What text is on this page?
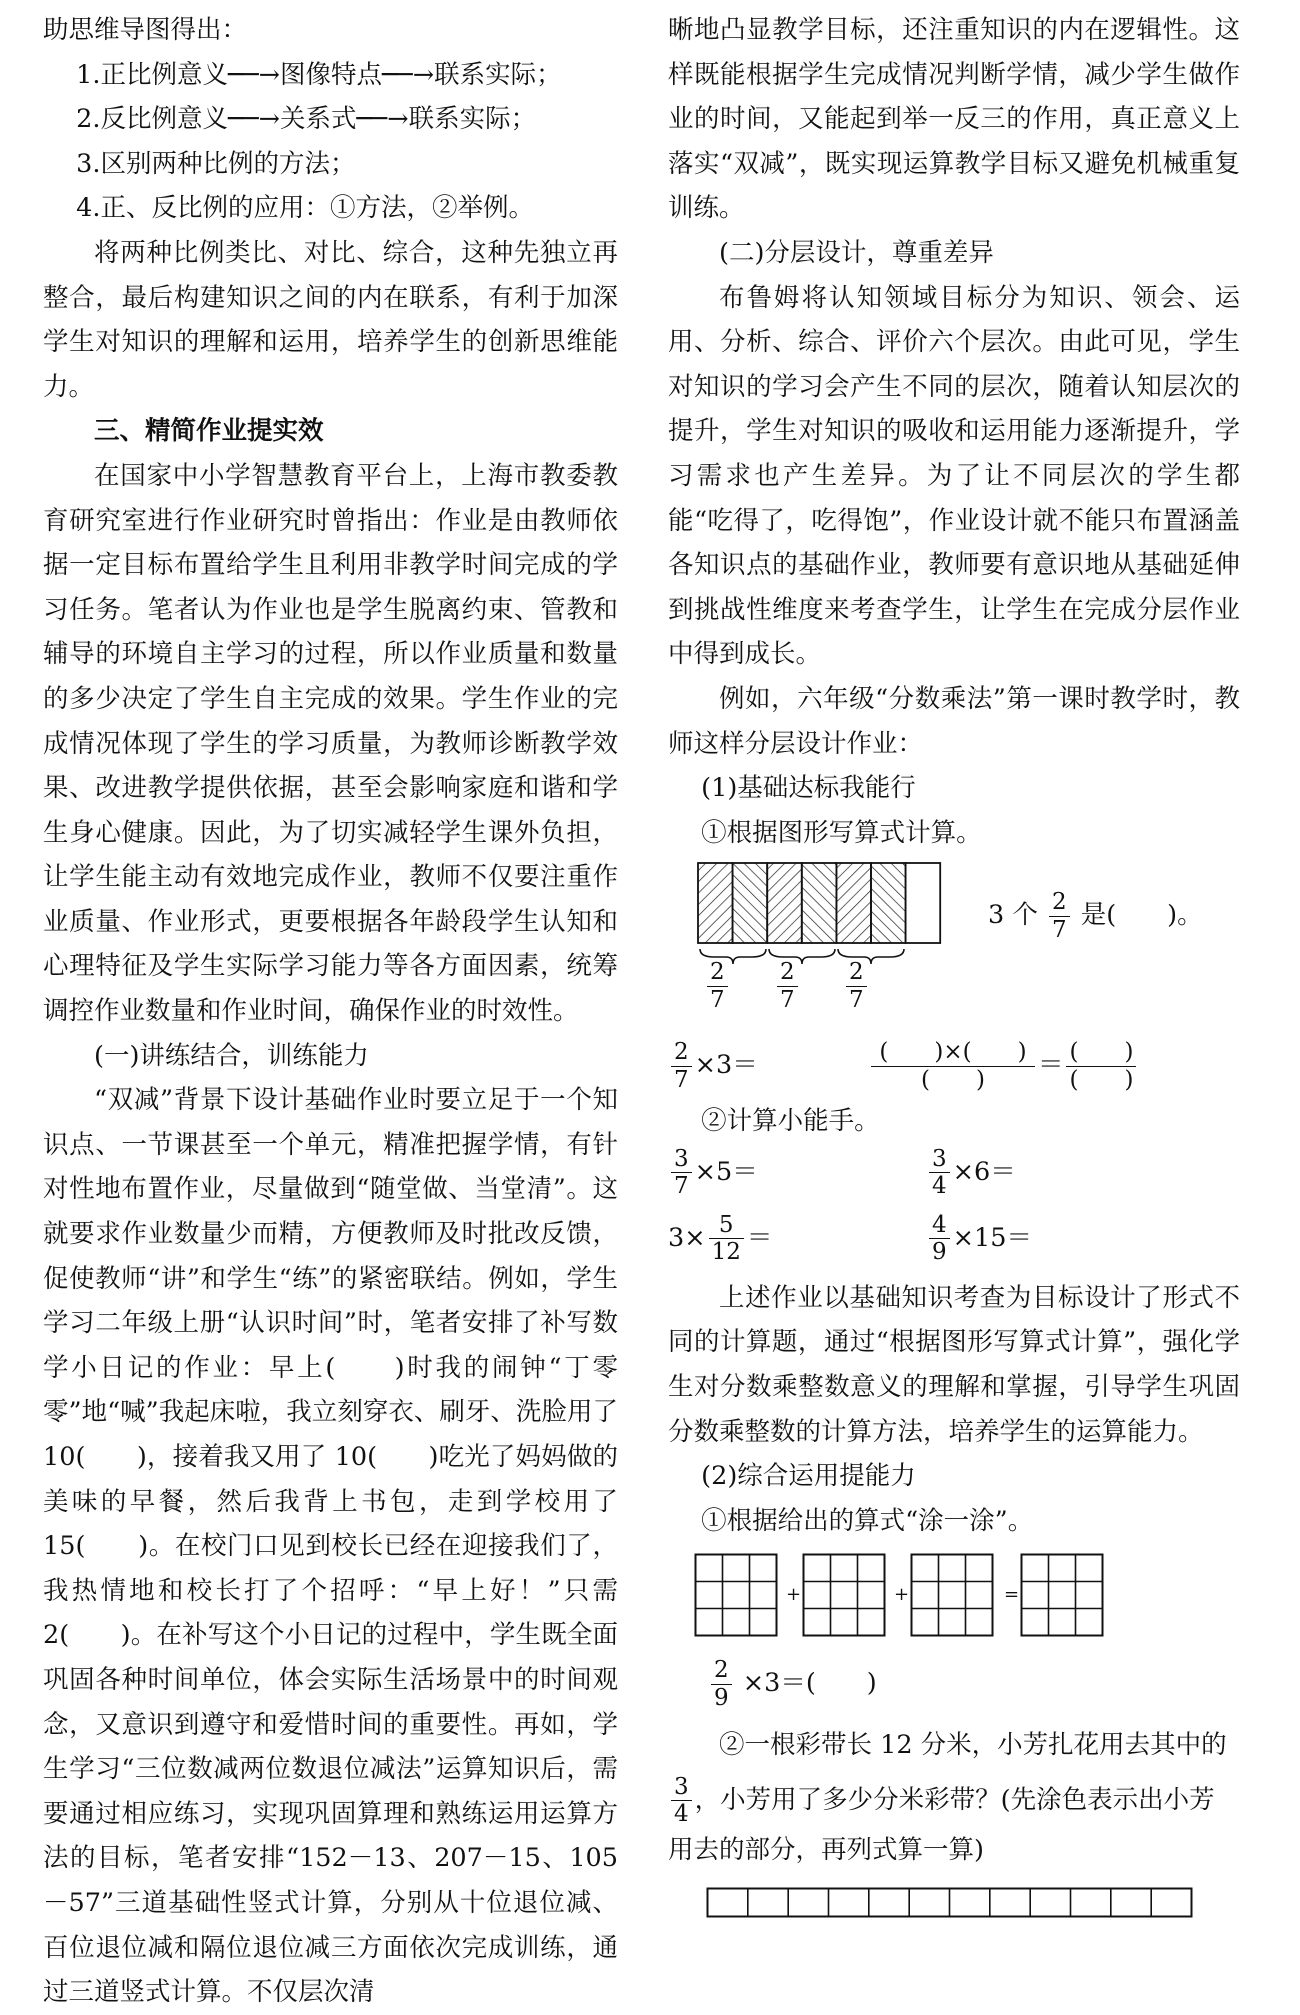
助思维导图得出：

1.正比例意义──→图像特点──→联系实际；

2.反比例意义──→关系式──→联系实际；

3.区别两种比例的方法；

4.正、反比例的应用：①方法，②举例。

将两种比例类比、对比、综合，这种先独立再整合，最后构建知识之间的内在联系，有利于加深学生对知识的理解和运用，培养学生的创新思维能力。

三、精简作业提实效

在国家中小学智慧教育平台上，上海市教委教育研究室进行作业研究时曾指出：作业是由教师依据一定目标布置给学生且利用非教学时间完成的学习任务。笔者认为作业也是学生脱离约束、管教和辅导的环境自主学习的过程，所以作业质量和数量的多少决定了学生自主完成的效果。学生作业的完成情况体现了学生的学习质量，为教师诊断教学效果、改进教学提供依据，甚至会影响家庭和谐和学生身心健康。因此，为了切实减轻学生课外负担，让学生能主动有效地完成作业，教师不仅要注重作业质量、作业形式，更要根据各年龄段学生认知和心理特征及学生实际学习能力等各方面因素，统筹调控作业数量和作业时间，确保作业的时效性。

(一)讲练结合，训练能力

“双减”背景下设计基础作业时要立足于一个知识点、一节课甚至一个单元，精准把握学情，有针对性地布置作业，尽量做到“随堂做、当堂清”。这就要求作业数量少而精，方便教师及时批改反馈，促使教师“讲”和学生“练”的紧密联结。例如，学生学习二年级上册“认识时间”时，笔者安排了补写数学小日记的作业：早上(　　)时我的闹钟“丁零零”地“喊”我起床啦，我立刻穿衣、刷牙、洗脸用了 10(　　)，接着我又用了 10(　　)吃光了妈妈做的美味的早餐，然后我背上书包，走到学校用了 15(　　)。在校门口见到校长已经在迎接我们了，我热情地和校长打了个招呼：“早上好！”只需 2(　　)。在补写这个小日记的过程中，学生既全面巩固各种时间单位，体会实际生活场景中的时间观念，又意识到遵守和爱惜时间的重要性。再如，学生学习“三位数减两位数退位减法”运算知识后，需要通过相应练习，实现巩固算理和熟练运用运算方法的目标，笔者安排“152－13、207－15、105－57”三道基础性竖式计算，分别从十位退位减、百位退位减和隔位退位减三方面依次完成训练，通过三道竖式计算。不仅层次清

晰地凸显教学目标，还注重知识的内在逻辑性。这样既能根据学生完成情况判断学情，减少学生做作业的时间，又能起到举一反三的作用，真正意义上落实“双减”，既实现运算教学目标又避免机械重复训练。

(二)分层设计，尊重差异

布鲁姆将认知领域目标分为知识、领会、运用、分析、综合、评价六个层次。由此可见，学生对知识的学习会产生不同的层次，随着认知层次的提升，学生对知识的吸收和运用能力逐渐提升，学习需求也产生差异。为了让不同层次的学生都能“吃得了，吃得饱”，作业设计就不能只布置涵盖各知识点的基础作业，教师要有意识地从基础延伸到挑战性维度来考查学生，让学生在完成分层作业中得到成长。

例如，六年级“分数乘法”第一课时教学时，教师这样分层设计作业：

(1)基础达标我能行

①根据图形写算式计算。

3 个 $\frac{2}{7}$ 是(　　)。
$\frac{2}{7} \frac{2}{7} \frac{2}{7}$
$\frac{2}{7} \times 3=$	$\frac{( )\times( )}{( )} = \frac{( )}{( )}$

②计算小能手。

$\frac{3}{7} \times 5=$	$\frac{3}{4} \times 6=$
$3\times \frac{5}{12}$ ＝	$\frac{4}{9} \times 15=$

上述作业以基础知识考查为目标设计了形式不同的计算题，通过“根据图形写算式计算”，强化学生对分数乘整数意义的理解和掌握，引导学生巩固分数乘整数的计算方法，培养学生的运算能力。

(2)综合运用提能力

①根据给出的算式“涂一涂”。

+	+	=
$\frac{2}{9} \times 3=$(　　)

②一根彩带长 12 分米，小芳扎花用去其中的

$\frac{3}{4}$ ，小芳用了多少分米彩带？(先涂色表示出小芳

用去的部分，再列式算一算)
